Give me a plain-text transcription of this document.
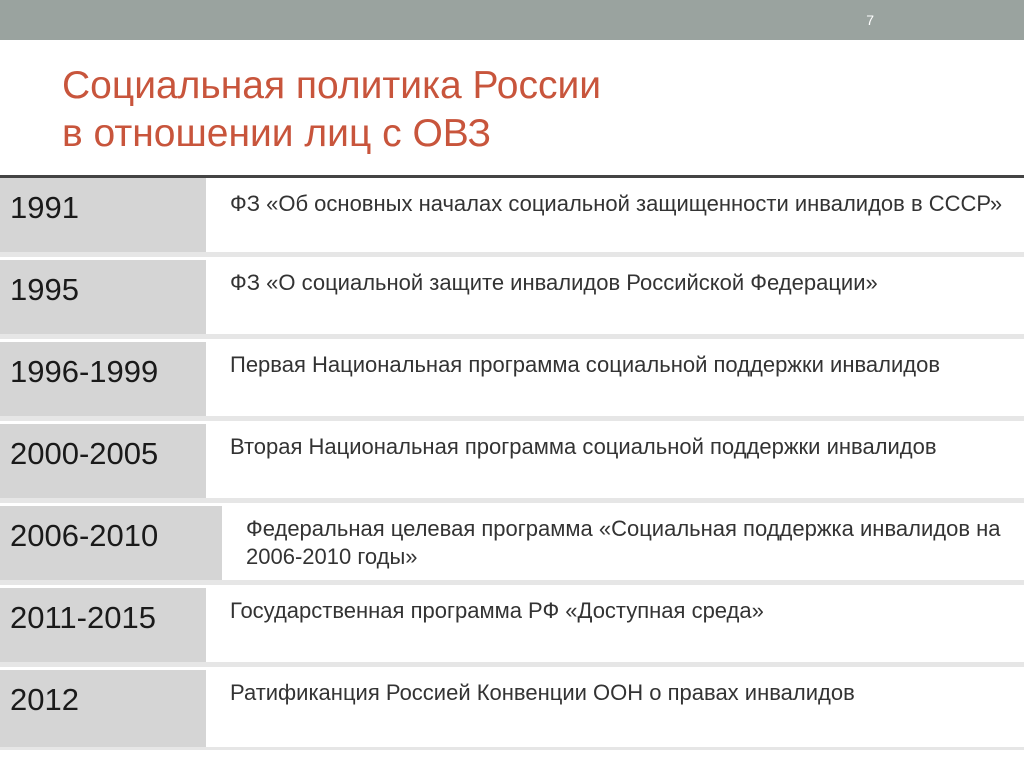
7
Социальная политика России
в отношении лиц с ОВЗ
1991	ФЗ «Об основных началах социальной защищенности инвалидов в СССР»
1995	ФЗ «О социальной защите инвалидов Российской Федерации»
1996-1999	Первая Национальная программа социальной поддержки инвалидов
2000-2005	Вторая Национальная программа социальной поддержки инвалидов
2006-2010	Федеральная целевая программа «Социальная поддержка инвалидов на 2006-2010 годы»
2011-2015	Государственная программа РФ «Доступная среда»
2012	Ратификанция Россией Конвенции ООН о правах инвалидов
